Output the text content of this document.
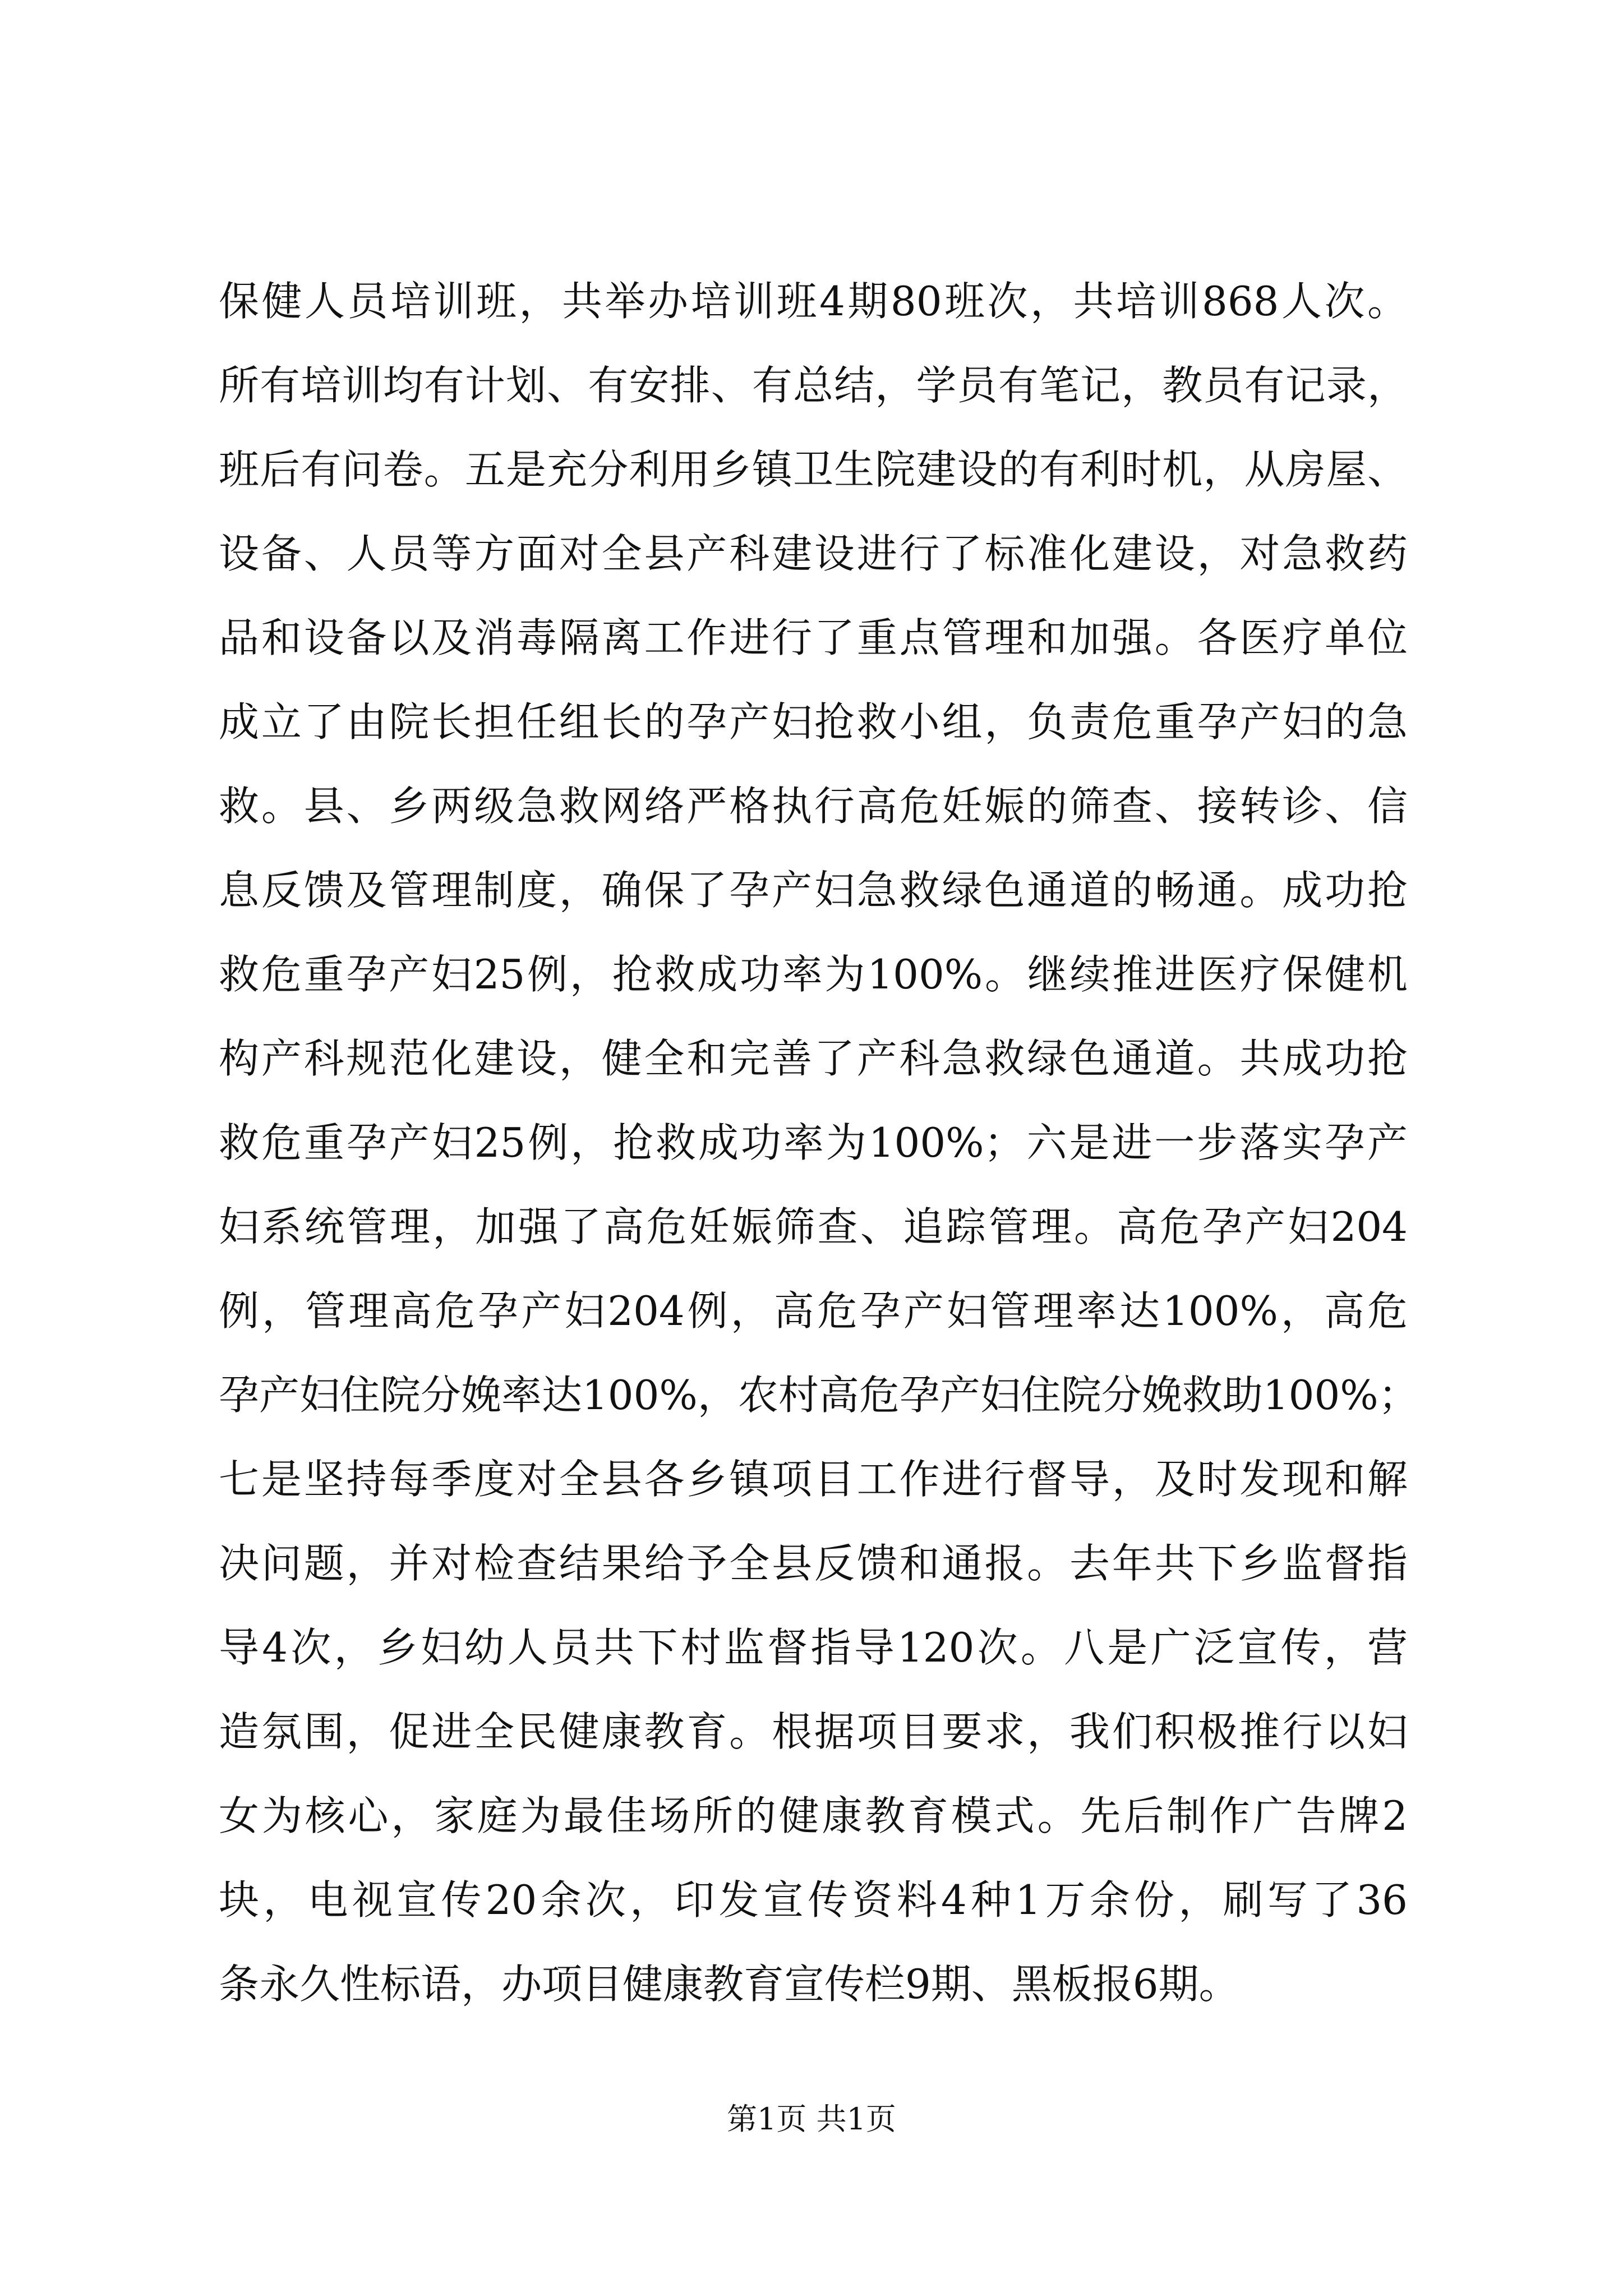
保健人员培训班，共举办培训班4期80班次，共培训868人次。
所有培训均有计划、有安排、有总结，学员有笔记，教员有记录，
班后有问卷。五是充分利用乡镇卫生院建设的有利时机，从房屋、
设备、人员等方面对全县产科建设进行了标准化建设，对急救药
品和设备以及消毒隔离工作进行了重点管理和加强。各医疗单位
成立了由院长担任组长的孕产妇抢救小组，负责危重孕产妇的急
救。县、乡两级急救网络严格执行高危妊娠的筛查、接转诊、信
息反馈及管理制度，确保了孕产妇急救绿色通道的畅通。成功抢
救危重孕产妇25例，抢救成功率为100%。继续推进医疗保健机
构产科规范化建设，健全和完善了产科急救绿色通道。共成功抢
救危重孕产妇25例，抢救成功率为100%；六是进一步落实孕产
妇系统管理，加强了高危妊娠筛查、追踪管理。高危孕产妇204
例，管理高危孕产妇204例，高危孕产妇管理率达100%，高危
孕产妇住院分娩率达100%，农村高危孕产妇住院分娩救助100%；
七是坚持每季度对全县各乡镇项目工作进行督导，及时发现和解
决问题，并对检查结果给予全县反馈和通报。去年共下乡监督指
导4次，乡妇幼人员共下村监督指导120次。八是广泛宣传，营
造氛围，促进全民健康教育。根据项目要求，我们积极推行以妇
女为核心，家庭为最佳场所的健康教育模式。先后制作广告牌2
块，电视宣传20余次，印发宣传资料4种1万余份，刷写了36
条永久性标语，办项目健康教育宣传栏9期、黑板报6期。
第1页 共1页
